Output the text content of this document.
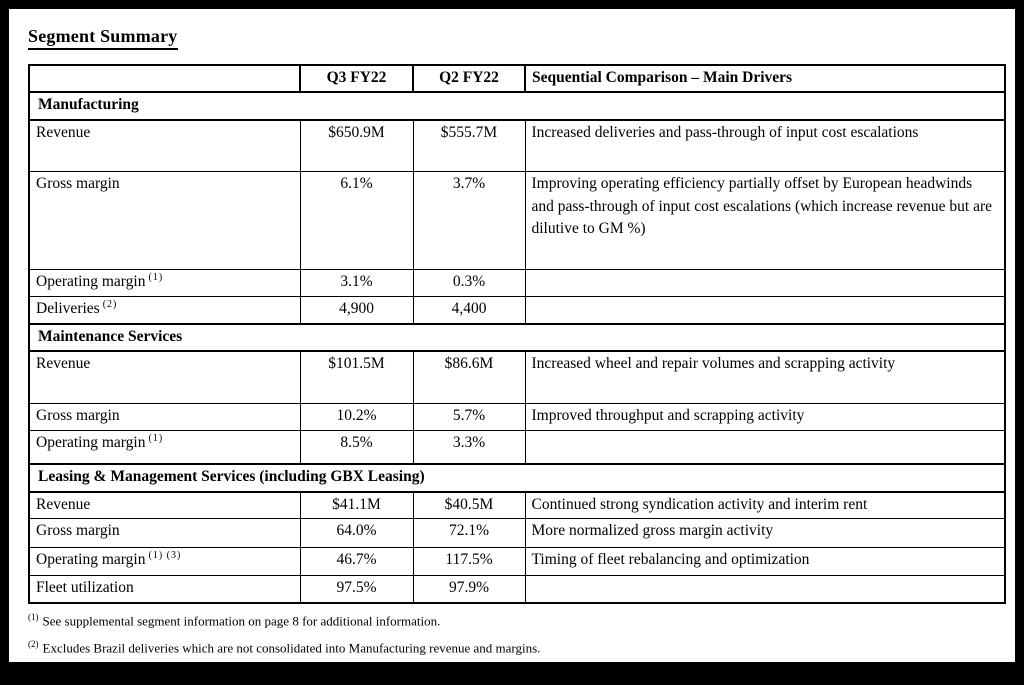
Segment Summary
	Q3 FY22	Q2 FY22	Sequential Comparison – Main Drivers
Manufacturing			
Revenue	$650.9M	$555.7M	Increased deliveries and pass-through of input cost escalations
Gross margin	6.1%	3.7%	Improving operating efficiency partially offset by European headwinds and pass-through of input cost escalations (which increase revenue but are dilutive to GM %)
Operating margin $^{(1)}$	3.1%	0.3%	
Deliveries $^{(2)}$	4,900	4,400	
Maintenance Services			
Revenue	$101.5M	$86.6M	Increased wheel and repair volumes and scrapping activity
Gross margin	10.2%	5.7%	Improved throughput and scrapping activity
Operating margin $^{(1)}$	8.5%	3.3%	
Leasing & Management Services (including GBX Leasing)			
Revenue	$41.1M	$40.5M	Continued strong syndication activity and interim rent
Gross margin	64.0%	72.1%	More normalized gross margin activity
Operating margin $^{(1) (3)}$	46.7%	117.5%	Timing of fleet rebalancing and optimization
Fleet utilization	97.5%	97.9%	
$^{(1)}$ See supplemental segment information on page 8 for additional information.
$^{(2)}$ Excludes Brazil deliveries which are not consolidated into Manufacturing revenue and margins.
$^{(3)}$ Includes Net loss (gain) on disposition of equipment, which is excluded from gross margin.
